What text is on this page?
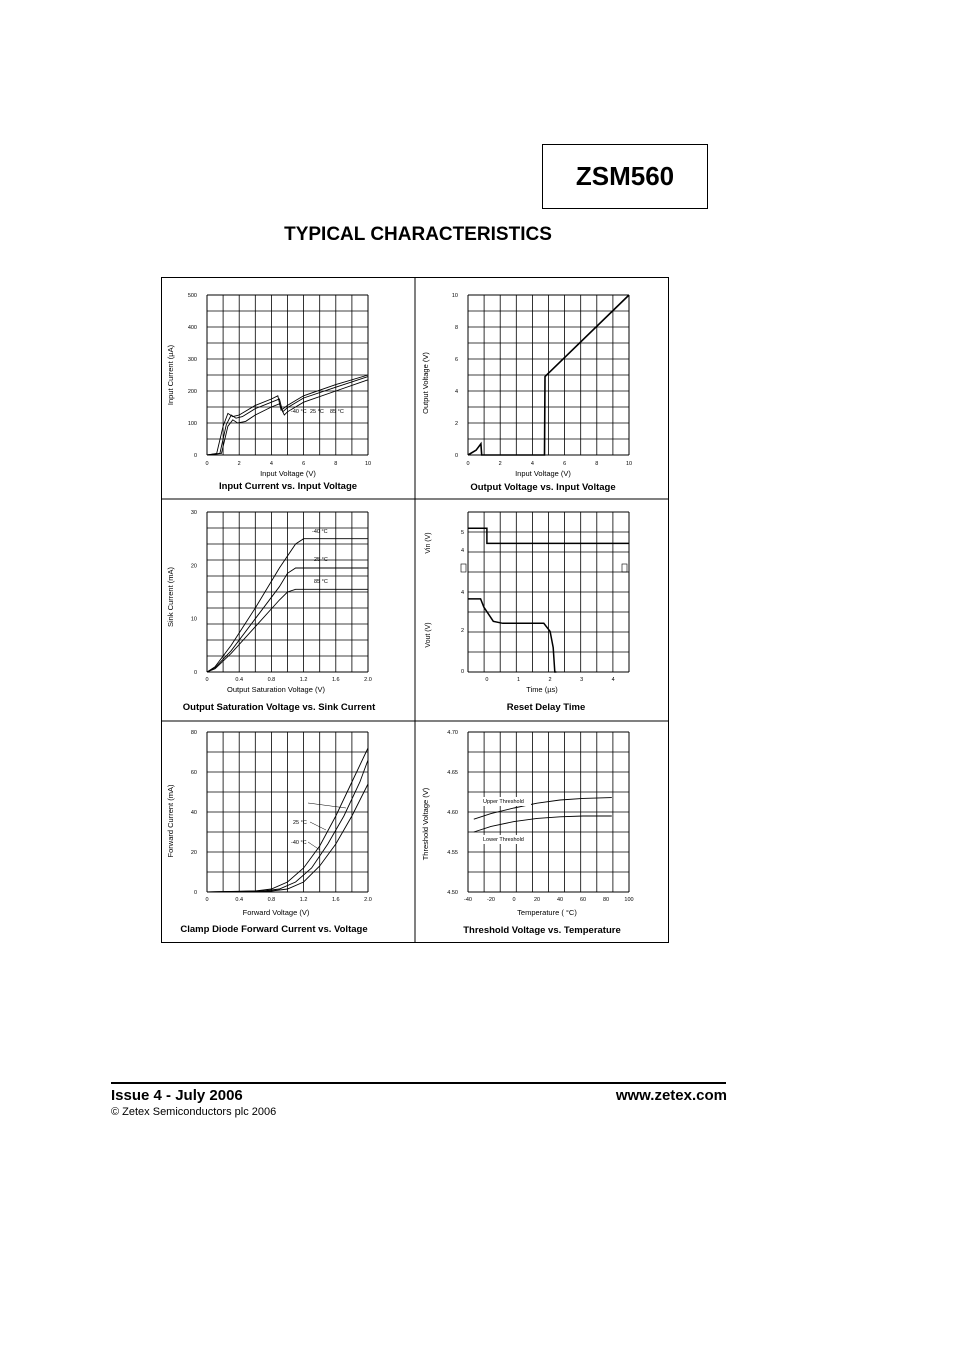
ZSM560
TYPICAL CHARACTERISTICS
Input Current vs. Input Voltage
Input Voltage (V)
Input Current (µA)
0	2	4	6	8	10
0
100
200
300
400
500
-40 °C 25 °C 85 °C
Output Voltage vs. Input Voltage
Input Voltage (V)
Output Voltage (V)
0	2	4	6	8	10
0
2
4
6
8
10
Output Saturation Voltage vs. Sink Current
Output Saturation Voltage (V)
Sink Current (mA)
0	0.4	0.8	1.2	1.6	2.0
0
10
20
30
-40 °C
25 °C
85 °C
Reset Delay Time
Time (µs)
0	1	2	3	4
5
4
4
2
0
Vin (V)
Vout (V)
Clamp Diode Forward Current vs. Voltage
Forward Voltage (V)
Forward Current (mA)
0	0.4	0.8	1.2	1.6	2.0
0
20
40
60
80
25 °C
-40 °C
Threshold Voltage vs. Temperature
Temperature ( °C)
Threshold Voltage (V)
-40	-20	0	20	40	60	80	100
4.50
4.55
4.60
4.65
4.70
Upper Threshold
Lower Threshold
Issue 4 - July 2006	www.zetex.com
© Zetex Semiconductors plc 2006
